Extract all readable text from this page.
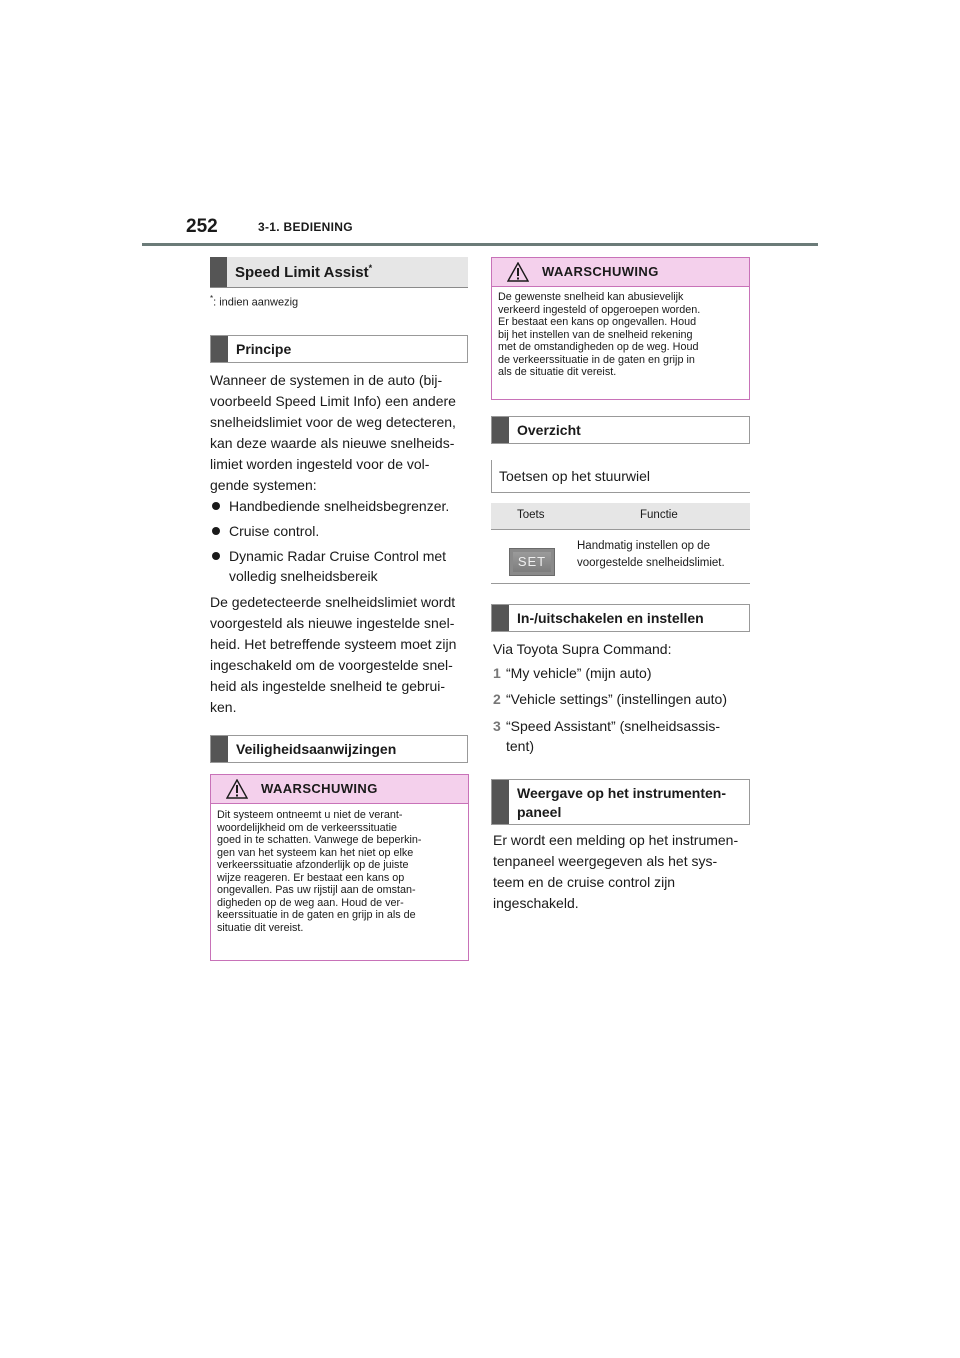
252	3-1. BEDIENING
Speed Limit Assist*
*: indien aanwezig
Principe
Wanneer de systemen in de auto (bij-
voorbeeld Speed Limit Info) een andere
snelheidslimiet voor de weg detecteren,
kan deze waarde als nieuwe snelheids-
limiet worden ingesteld voor de vol-
gende systemen:
Handbediende snelheidsbegrenzer.
Cruise control.
Dynamic Radar Cruise Control met
volledig snelheidsbereik
De gedetecteerde snelheidslimiet wordt
voorgesteld als nieuwe ingestelde snel-
heid. Het betreffende systeem moet zijn
ingeschakeld om de voorgestelde snel-
heid als ingestelde snelheid te gebrui-
ken.
Veiligheidsaanwijzingen
WAARSCHUWING
Dit systeem ontneemt u niet de verant-
woordelijkheid om de verkeerssituatie
goed in te schatten. Vanwege de beperkin-
gen van het systeem kan het niet op elke
verkeerssituatie afzonderlijk op de juiste
wijze reageren. Er bestaat een kans op
ongevallen. Pas uw rijstijl aan de omstan-
digheden op de weg aan. Houd de ver-
keerssituatie in de gaten en grijp in als de
situatie dit vereist.
WAARSCHUWING
De gewenste snelheid kan abusievelijk
verkeerd ingesteld of opgeroepen worden.
Er bestaat een kans op ongevallen. Houd
bij het instellen van de snelheid rekening
met de omstandigheden op de weg. Houd
de verkeerssituatie in de gaten en grijp in
als de situatie dit vereist.
Overzicht
Toetsen op het stuurwiel
Toets	Functie
SET
Handmatig instellen op de
voorgestelde snelheidslimiet.
In-/uitschakelen en instellen
Via Toyota Supra Command:
1 “My vehicle” (mijn auto)
2 “Vehicle settings” (instellingen auto)
3 “Speed Assistant” (snelheidsassis-
tent)
Weergave op het instrumenten-
paneel
Er wordt een melding op het instrumen-
tenpaneel weergegeven als het sys-
teem en de cruise control zijn
ingeschakeld.
